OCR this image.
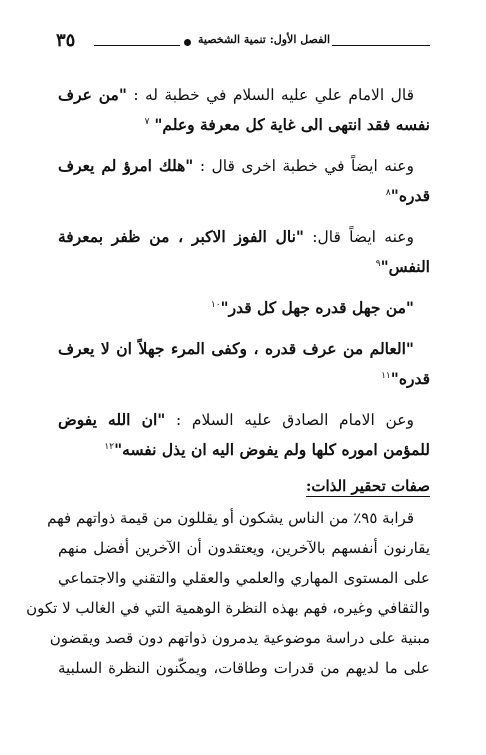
٣٥	الفصل الأول: تنمية الشخصية

قال الامام علي عليه السلام في خطبة له : "من عرف نفسه فقد انتهى الى غاية كل معرفة وعلم" $^٧$

وعنه ايضاً في خطبة اخرى قال : "هلك امرؤ لم يعرف قدره"$^٨$

وعنه ايضاً قال: "نال الفوز الاكبر ، من ظفر بمعرفة النفس"$^٩$

"من جهل قدره جهل كل قدر"$^{١٠}$

"العالم من عرف قدره ، وكفى المرء جهلاً ان لا يعرف قدره"$^{١١}$

وعن الامام الصادق عليه السلام : "ان الله يفوض للمؤمن اموره كلها ولم يفوض اليه ان يذل نفسه"$^{١٢}$

صفات تحقير الذات:
قرابة ٩٥٪ من الناس يشكون أو يقللون من قيمة ذواتهم فهم
يقارنون أنفسهم بالآخرين، ويعتقدون أن الآخرين أفضل منهم
على المستوى المهاري والعلمي والعقلي والتقني والاجتماعي
والثقافي وغيره، فهم بهذه النظرة الوهمية التي في الغالب لا تكون
مبنية على دراسة موضوعية يدمرون ذواتهم دون قصد ويقضون
على ما لديهم من قدرات وطاقات، ويمكّنون النظرة السلبية
